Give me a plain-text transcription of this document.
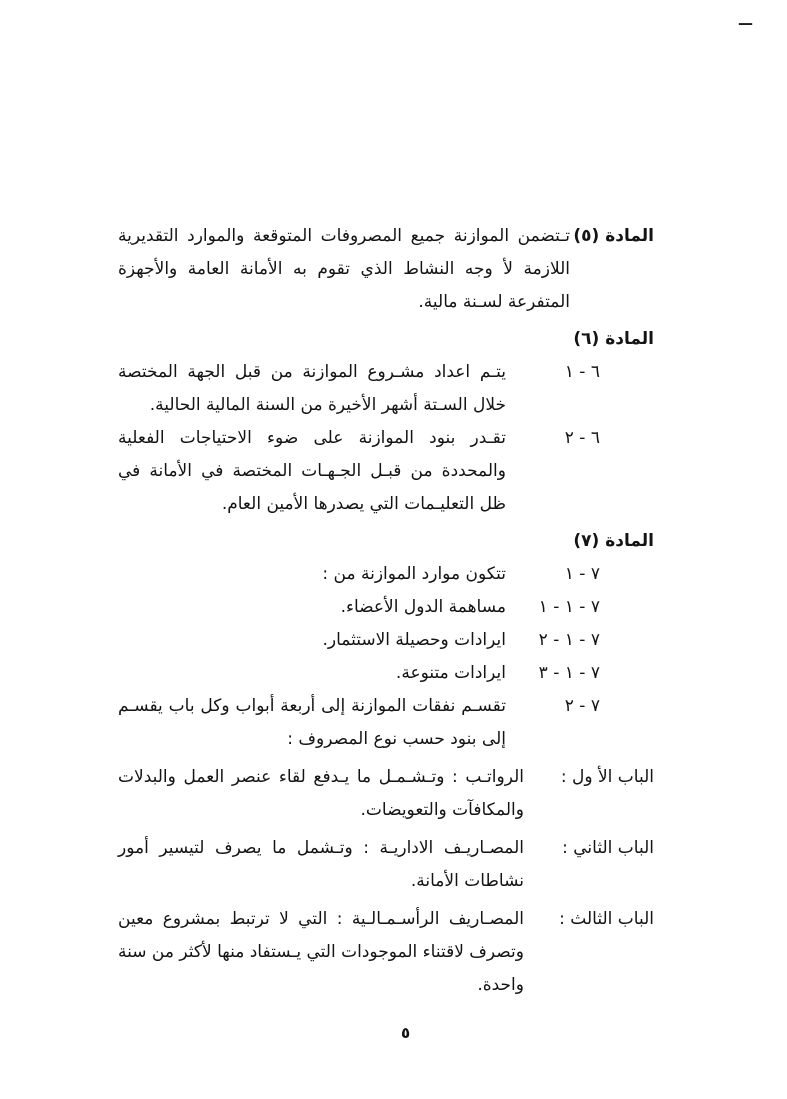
—
المادة (٥)
تـتضمن الموازنة جميع المصروفات المتوقعة والموارد التقديرية اللازمة لأ وجه النشاط الذي تقوم به الأمانة العامة والأجهزة المتفرعة لسـنة مالية.
المادة (٦)
٦ - ١
يتـم اعداد مشـروع الموازنة من قبل الجهة المختصة خلال السـتة أشهر الأخيرة من السنة المالية الحالية.
٦ - ٢
تقـدر بنود الموازنة على ضوء الاحتياجات الفعلية والمحددة من قبـل الجـهـات المختصة في الأمانة في ظل التعليـمات التي يصدرها الأمين العام.
المادة (٧)
٧ - ١
تتكون موارد الموازنة من :
٧ - ١ - ١
مساهمة الدول الأعضاء.
٧ - ١ - ٢
ايرادات وحصيلة الاستثمار.
٧ - ١ - ٣
ايرادات متنوعة.
٧ - ٢
تقسـم نفقات الموازنة إلى أربعة أبواب وكل باب يقسـم إلى بنود حسب نوع المصروف :
الباب الأ ول :
الرواتـب : وتـشـمـل ما يـدفع لقاء عنصر العمل والبدلات والمكافآت والتعويضات.
الباب الثاني :
المصـاريـف الاداريـة : وتـشمل ما يصرف لتيسير أمور نشاطات الأمانة.
الباب الثالث :
المصـاريف الرأسـمـالـية : التي لا ترتبط بمشروع معين وتصرف لاقتناء الموجودات التي يـستفاد منها لأكثر من سنة واحدة.
٥
